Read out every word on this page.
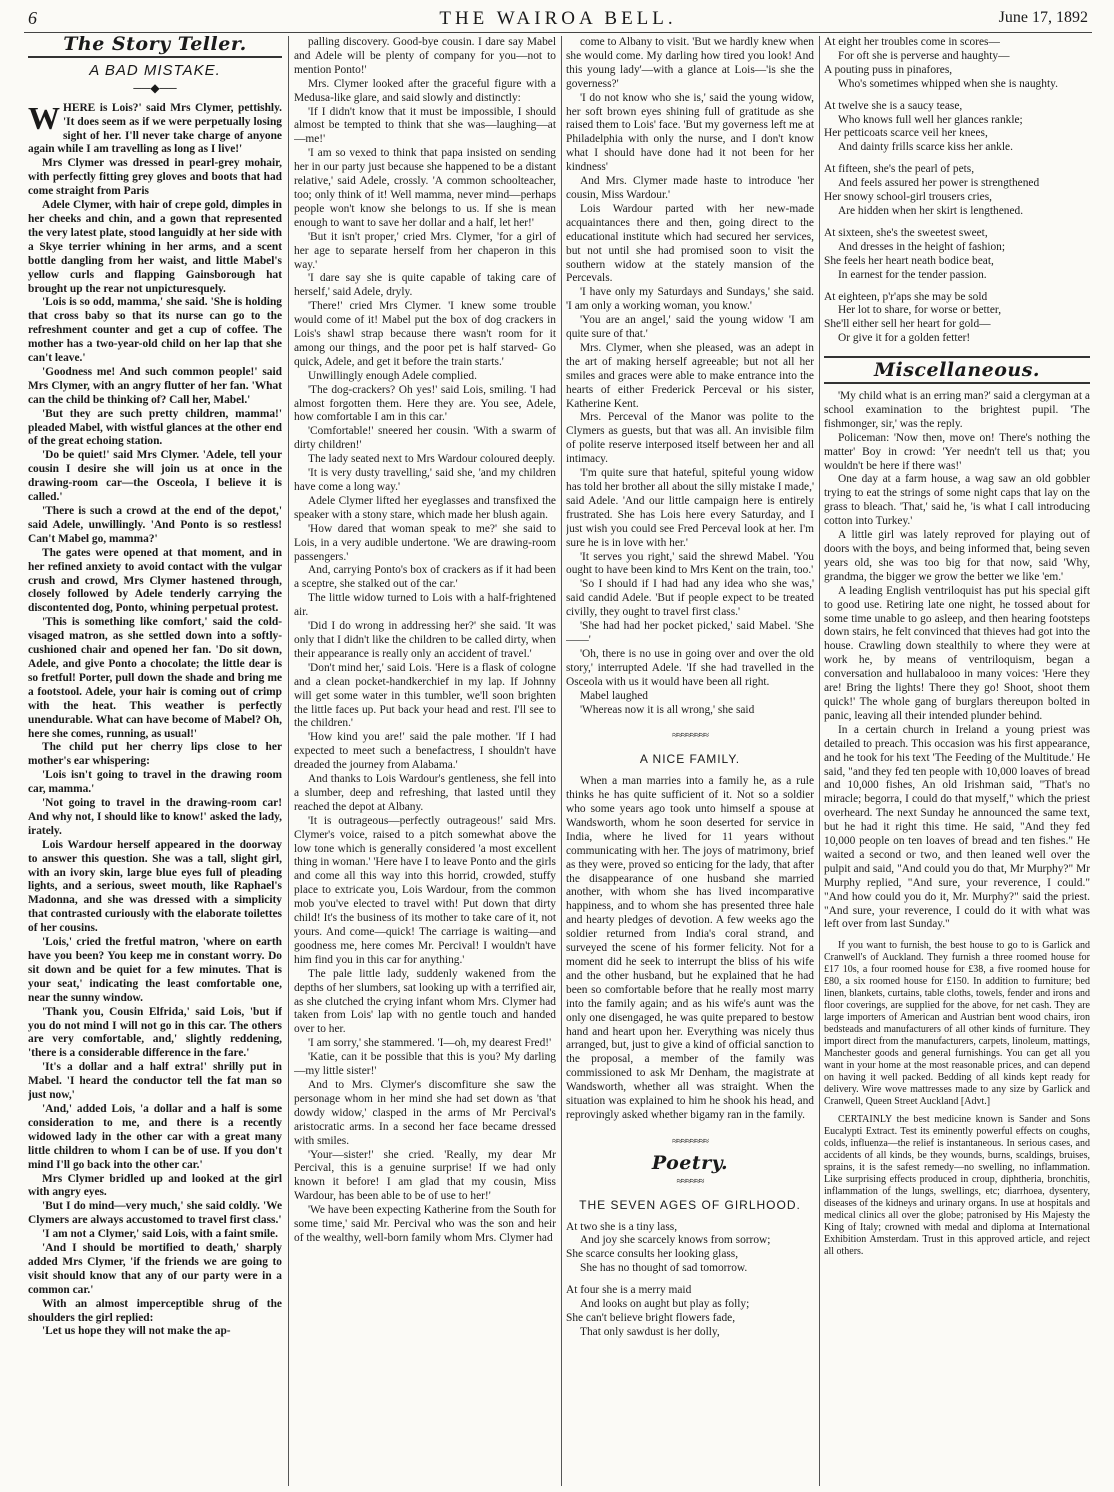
6	THE WAIROA BELL.	June 17, 1892
The Story Teller.
A BAD MISTAKE.
──◆──

WHERE is Lois?' said Mrs Clymer, pettishly. 'It does seem as if we were perpetually losing sight of her. I'll never take charge of anyone again while I am travelling as long as I live!'

Mrs Clymer was dressed in pearl-grey mohair, with perfectly fitting grey gloves and boots that had come straight from Paris

Adele Clymer, with hair of crepe gold, dimples in her cheeks and chin, and a gown that represented the very latest plate, stood languidly at her side with a Skye terrier whining in her arms, and a scent bottle dangling from her waist, and little Mabel's yellow curls and flapping Gainsborough hat brought up the rear not unpicturesquely.

'Lois is so odd, mamma,' she said. 'She is holding that cross baby so that its nurse can go to the refreshment counter and get a cup of coffee. The mother has a two-year-old child on her lap that she can't leave.'

'Goodness me! And such common people!' said Mrs Clymer, with an angry flutter of her fan. 'What can the child be thinking of? Call her, Mabel.'

'But they are such pretty children, mamma!' pleaded Mabel, with wistful glances at the other end of the great echoing station.

'Do be quiet!' said Mrs Clymer. 'Adele, tell your cousin I desire she will join us at once in the drawing-room car—the Osceola, I believe it is called.'

'There is such a crowd at the end of the depot,' said Adele, unwillingly. 'And Ponto is so restless! Can't Mabel go, mamma?'

The gates were opened at that moment, and in her refined anxiety to avoid contact with the vulgar crush and crowd, Mrs Clymer hastened through, closely followed by Adele tenderly carrying the discontented dog, Ponto, whining perpetual protest.

'This is something like comfort,' said the cold-visaged matron, as she settled down into a softly-cushioned chair and opened her fan. 'Do sit down, Adele, and give Ponto a chocolate; the little dear is so fretful! Porter, pull down the shade and bring me a footstool. Adele, your hair is coming out of crimp with the heat. This weather is perfectly unendurable. What can have become of Mabel? Oh, here she comes, running, as usual!'

The child put her cherry lips close to her mother's ear whispering:

'Lois isn't going to travel in the drawing room car, mamma.'

'Not going to travel in the drawing-room car! And why not, I should like to know!' asked the lady, irately.

Lois Wardour herself appeared in the doorway to answer this question. She was a tall, slight girl, with an ivory skin, large blue eyes full of pleading lights, and a serious, sweet mouth, like Raphael's Madonna, and she was dressed with a simplicity that contrasted curiously with the elaborate toilettes of her cousins.

'Lois,' cried the fretful matron, 'where on earth have you been? You keep me in constant worry. Do sit down and be quiet for a few minutes. That is your seat,' indicating the least comfortable one, near the sunny window.

'Thank you, Cousin Elfrida,' said Lois, 'but if you do not mind I will not go in this car. The others are very comfortable, and,' slightly reddening, 'there is a considerable difference in the fare.'

'It's a dollar and a half extra!' shrilly put in Mabel. 'I heard the conductor tell the fat man so just now,'

'And,' added Lois, 'a dollar and a half is some consideration to me, and there is a recently widowed lady in the other car with a great many little children to whom I can be of use. If you don't mind I'll go back into the other car.'

Mrs Clymer bridled up and looked at the girl with angry eyes.

'But I do mind—very much,' she said coldly. 'We Clymers are always accustomed to travel first class.'

'I am not a Clymer,' said Lois, with a faint smile.

'And I should be mortified to death,' sharply added Mrs Clymer, 'if the friends we are going to visit should know that any of our party were in a common car.'

With an almost imperceptible shrug of the shoulders the girl replied:

'Let us hope they will not make the ap-

palling discovery. Good-bye cousin. I dare say Mabel and Adele will be plenty of company for you—not to mention Ponto!'

Mrs. Clymer looked after the graceful figure with a Medusa-like glare, and said slowly and distinctly:

'If I didn't know that it must be impossible, I should almost be tempted to think that she was—laughing—at—me!'

'I am so vexed to think that papa insisted on sending her in our party just because she happened to be a distant relative,' said Adele, crossly. 'A common schoolteacher, too; only think of it! Well mamma, never mind—perhaps people won't know she belongs to us. If she is mean enough to want to save her dollar and a half, let her!'

'But it isn't proper,' cried Mrs. Clymer, 'for a girl of her age to separate herself from her chaperon in this way.'

'I dare say she is quite capable of taking care of herself,' said Adele, dryly.

'There!' cried Mrs Clymer. 'I knew some trouble would come of it! Mabel put the box of dog crackers in Lois's shawl strap because there wasn't room for it among our things, and the poor pet is half starved- Go quick, Adele, and get it before the train starts.'

Unwillingly enough Adele complied.

'The dog-crackers? Oh yes!' said Lois, smiling. 'I had almost forgotten them. Here they are. You see, Adele, how comfortable I am in this car.'

'Comfortable!' sneered her cousin. 'With a swarm of dirty children!'

The lady seated next to Mrs Wardour coloured deeply.

'It is very dusty travelling,' said she, 'and my children have come a long way.'

Adele Clymer lifted her eyeglasses and transfixed the speaker with a stony stare, which made her blush again.

'How dared that woman speak to me?' she said to Lois, in a very audible undertone. 'We are drawing-room passengers.'

And, carrying Ponto's box of crackers as if it had been a sceptre, she stalked out of the car.'

The little widow turned to Lois with a half-frightened air.

'Did I do wrong in addressing her?' she said. 'It was only that I didn't like the children to be called dirty, when their appearance is really only an accident of travel.'

'Don't mind her,' said Lois. 'Here is a flask of cologne and a clean pocket-handkerchief in my lap. If Johnny will get some water in this tumbler, we'll soon brighten the little faces up. Put back your head and rest. I'll see to the children.'

'How kind you are!' said the pale mother. 'If I had expected to meet such a benefactress, I shouldn't have dreaded the journey from Alabama.'

And thanks to Lois Wardour's gentleness, she fell into a slumber, deep and refreshing, that lasted until they reached the depot at Albany.

'It is outrageous—perfectly outrageous!' said Mrs. Clymer's voice, raised to a pitch somewhat above the low tone which is generally considered 'a most excellent thing in woman.' 'Here have I to leave Ponto and the girls and come all this way into this horrid, crowded, stuffy place to extricate you, Lois Wardour, from the common mob you've elected to travel with! Put down that dirty child! It's the business of its mother to take care of it, not yours. And come—quick! The carriage is waiting—and goodness me, here comes Mr. Percival! I wouldn't have him find you in this car for anything.'

The pale little lady, suddenly wakened from the depths of her slumbers, sat looking up with a terrified air, as she clutched the crying infant whom Mrs. Clymer had taken from Lois' lap with no gentle touch and handed over to her.

'I am sorry,' she stammered. 'I—oh, my dearest Fred!'

'Katie, can it be possible that this is you? My darling—my little sister!'

And to Mrs. Clymer's discomfiture she saw the personage whom in her mind she had set down as 'that dowdy widow,' clasped in the arms of Mr Percival's aristocratic arms. In a second her face became dressed with smiles.

'Your—sister!' she cried. 'Really, my dear Mr Percival, this is a genuine surprise! If we had only known it before! I am glad that my cousin, Miss Wardour, has been able to be of use to her!'

'We have been expecting Katherine from the South for some time,' said Mr. Percival who was the son and heir of the wealthy, well-born family whom Mrs. Clymer had

come to Albany to visit. 'But we hardly knew when she would come. My darling how tired you look! And this young lady'—with a glance at Lois—'is she the governess?'

'I do not know who she is,' said the young widow, her soft brown eyes shining full of gratitude as she raised them to Lois' face. 'But my governess left me at Philadelphia with only the nurse, and I don't know what I should have done had it not been for her kindness'

And Mrs. Clymer made haste to introduce 'her cousin, Miss Wardour.'

Lois Wardour parted with her new-made acquaintances there and then, going direct to the educational institute which had secured her services, but not until she had promised soon to visit the southern widow at the stately mansion of the Percevals.

'I have only my Saturdays and Sundays,' she said. 'I am only a working woman, you know.'

'You are an angel,' said the young widow 'I am quite sure of that.'

Mrs. Clymer, when she pleased, was an adept in the art of making herself agreeable; but not all her smiles and graces were able to make entrance into the hearts of either Frederick Perceval or his sister, Katherine Kent.

Mrs. Perceval of the Manor was polite to the Clymers as guests, but that was all. An invisible film of polite reserve interposed itself between her and all intimacy.

'I'm quite sure that hateful, spiteful young widow has told her brother all about the silly mistake I made,' said Adele. 'And our little campaign here is entirely frustrated. She has Lois here every Saturday, and I just wish you could see Fred Perceval look at her. I'm sure he is in love with her.'

'It serves you right,' said the shrewd Mabel. 'You ought to have been kind to Mrs Kent on the train, too.'

'So I should if I had had any idea who she was,' said candid Adele. 'But if people expect to be treated civilly, they ought to travel first class.'

'She had had her pocket picked,' said Mabel. 'She——'

'Oh, there is no use in going over and over the old story,' interrupted Adele. 'If she had travelled in the Osceola with us it would have been all right.

Mabel laughed

'Whereas now it is all wrong,' she said

≈≈≈≈≈≈≈≈
A NICE FAMILY.

When a man marries into a family he, as a rule thinks he has quite sufficient of it. Not so a soldier who some years ago took unto himself a spouse at Wandsworth, whom he soon deserted for service in India, where he lived for 11 years without communicating with her. The joys of matrimony, brief as they were, proved so enticing for the lady, that after the disappearance of one husband she married another, with whom she has lived incomparative happiness, and to whom she has presented three hale and hearty pledges of devotion. A few weeks ago the soldier returned from India's coral strand, and surveyed the scene of his former felicity. Not for a moment did he seek to interrupt the bliss of his wife and the other husband, but he explained that he had been so comfortable before that he really most marry into the family again; and as his wife's aunt was the only one disengaged, he was quite prepared to bestow hand and heart upon her. Everything was nicely thus arranged, but, just to give a kind of official sanction to the proposal, a member of the family was commissioned to ask Mr Denham, the magistrate at Wandsworth, whether all was straight. When the situation was explained to him he shook his head, and reprovingly asked whether bigamy ran in the family.

≈≈≈≈≈≈≈≈
Poetry.
≈≈≈≈≈≈
THE SEVEN AGES OF GIRLHOOD.

At two she is a tiny lass,

And joy she scarcely knows from sorrow;

She scarce consults her looking glass,

She has no thought of sad tomorrow.

At four she is a merry maid

And looks on aught but play as folly;

She can't believe bright flowers fade,

That only sawdust is her dolly,

At eight her troubles come in scores—

For oft she is perverse and haughty—

A pouting puss in pinafores,

Who's sometimes whipped when she is naughty.

At twelve she is a saucy tease,

Who knows full well her glances rankle;

Her petticoats scarce veil her knees,

And dainty frills scarce kiss her ankle.

At fifteen, she's the pearl of pets,

And feels assured her power is strengthened

Her snowy school-girl trousers cries,

Are hidden when her skirt is lengthened.

At sixteen, she's the sweetest sweet,

And dresses in the height of fashion;

She feels her heart neath bodice beat,

In earnest for the tender passion.

At eighteen, p'r'aps she may be sold

Her lot to share, for worse or better,

She'll either sell her heart for gold—

Or give it for a golden fetter!

Miscellaneous.

'My child what is an erring man?' said a clergyman at a school examination to the brightest pupil. 'The fishmonger, sir,' was the reply.

Policeman: 'Now then, move on! There's nothing the matter' Boy in crowd: 'Yer needn't tell us that; you wouldn't be here if there was!'

One day at a farm house, a wag saw an old gobbler trying to eat the strings of some night caps that lay on the grass to bleach. 'That,' said he, 'is what I call introducing cotton into Turkey.'

A little girl was lately reproved for playing out of doors with the boys, and being informed that, being seven years old, she was too big for that now, said 'Why, grandma, the bigger we grow the better we like 'em.'

A leading English ventriloquist has put his special gift to good use. Retiring late one night, he tossed about for some time unable to go asleep, and then hearing footsteps down stairs, he felt convinced that thieves had got into the house. Crawling down stealthily to where they were at work he, by means of ventriloquism, began a conversation and hullabalooo in many voices: 'Here they are! Bring the lights! There they go! Shoot, shoot them quick!' The whole gang of burglars thereupon bolted in panic, leaving all their intended plunder behind.

In a certain church in Ireland a young priest was detailed to preach. This occasion was his first appearance, and he took for his text 'The Feeding of the Multitude.' He said, "and they fed ten people with 10,000 loaves of bread and 10,000 fishes, An old Irishman said, "That's no miracle; begorra, I could do that myself," which the priest overheard. The next Sunday he announced the same text, but he had it right this time. He said, "And they fed 10,000 people on ten loaves of bread and ten fishes." He waited a second or two, and then leaned well over the pulpit and said, "And could you do that, Mr Murphy?" Mr Murphy replied, "And sure, your reverence, I could." "And how could you do it, Mr. Murphy?" said the priest. "And sure, your reverence, I could do it with what was left over from last Sunday."

If you want to furnish, the best house to go to is Garlick and Cranwell's of Auckland. They furnish a three roomed house for £17 10s, a four roomed house for £38, a five roomed house for £80, a six roomed house for £150. In addition to furniture; bed linen, blankets, curtains, table cloths, towels, fender and irons and floor coverings, are supplied for the above, for net cash. They are large importers of American and Austrian bent wood chairs, iron bedsteads and manufacturers of all other kinds of furniture. They import direct from the manufacturers, carpets, linoleum, mattings, Manchester goods and general furnishings. You can get all you want in your home at the most reasonable prices, and can depend on having it well packed. Bedding of all kinds kept ready for delivery. Wire wove mattresses made to any size by Garlick and Cranwell, Queen Street Auckland [Advt.]

CERTAINLY the best medicine known is Sander and Sons Eucalypti Extract. Test its eminently powerful effects on coughs, colds, influenza—the relief is instantaneous. In serious cases, and accidents of all kinds, be they wounds, burns, scaldings, bruises, sprains, it is the safest remedy—no swelling, no inflammation. Like surprising effects produced in croup, diphtheria, bronchitis, inflammation of the lungs, swellings, etc; diarrhoea, dysentery, diseases of the kidneys and urinary organs. In use at hospitals and medical clinics all over the globe; patronised by His Majesty the King of Italy; crowned with medal and diploma at International Exhibition Amsterdam. Trust in this approved article, and reject all others.
